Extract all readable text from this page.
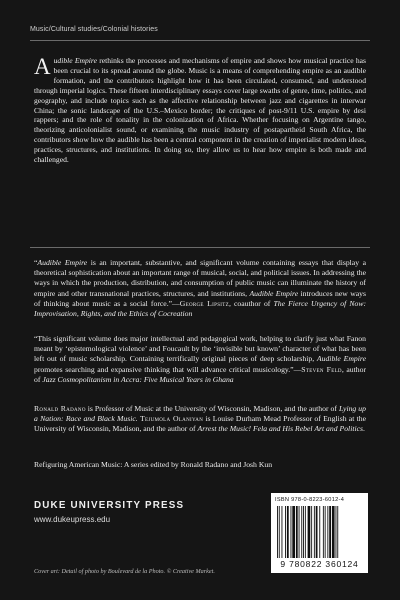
Music/Cultural studies/Colonial histories
Audible Empire rethinks the processes and mechanisms of empire and shows how musical practice has been crucial to its spread around the globe. Music is a means of comprehending empire as an audible formation, and the contributors highlight how it has been circulated, consumed, and understood through imperial logics. These fifteen interdisciplinary essays cover large swaths of genre, time, politics, and geography, and include topics such as the affective relationship between jazz and cigarettes in interwar China; the sonic landscape of the U.S.–Mexico border; the critiques of post-9/11 U.S. empire by desi rappers; and the role of tonality in the colonization of Africa. Whether focusing on Argentine tango, theorizing anticolonialist sound, or examining the music industry of postapartheid South Africa, the contributors show how the audible has been a central component in the creation of imperialist modern ideas, practices, structures, and institutions. In doing so, they allow us to hear how empire is both made and challenged.
“Audible Empire is an important, substantive, and significant volume containing essays that display a theoretical sophistication about an important range of musical, social, and political issues. In addressing the ways in which the production, distribution, and consumption of public music can illuminate the history of empire and other transnational practices, structures, and institutions, Audible Empire introduces new ways of thinking about music as a social force.”—George Lipsitz, coauthor of The Fierce Urgency of Now: Improvisation, Rights, and the Ethics of Cocreation
“This significant volume does major intellectual and pedagogical work, helping to clarify just what Fanon meant by ‘epistemological violence’ and Foucault by the ‘invisible but known’ character of what has been left out of music scholarship. Containing terrifically original pieces of deep scholarship, Audible Empire promotes searching and expansive thinking that will advance critical musicology.”—Steven Feld, author of Jazz Cosmopolitanism in Accra: Five Musical Years in Ghana
Ronald Radano is Professor of Music at the University of Wisconsin, Madison, and the author of Lying up a Nation: Race and Black Music. Tejumola Olaniyan is Louise Durham Mead Professor of English at the University of Wisconsin, Madison, and the author of Arrest the Music! Fela and His Rebel Art and Politics.
Refiguring American Music: A series edited by Ronald Radano and Josh Kun
DUKE UNIVERSITY PRESS
www.dukeupress.edu
Cover art: Detail of photo by Boulevard de la Photo. © Creative Market.
ISBN 978-0-8223-6012-4
9 780822 360124
